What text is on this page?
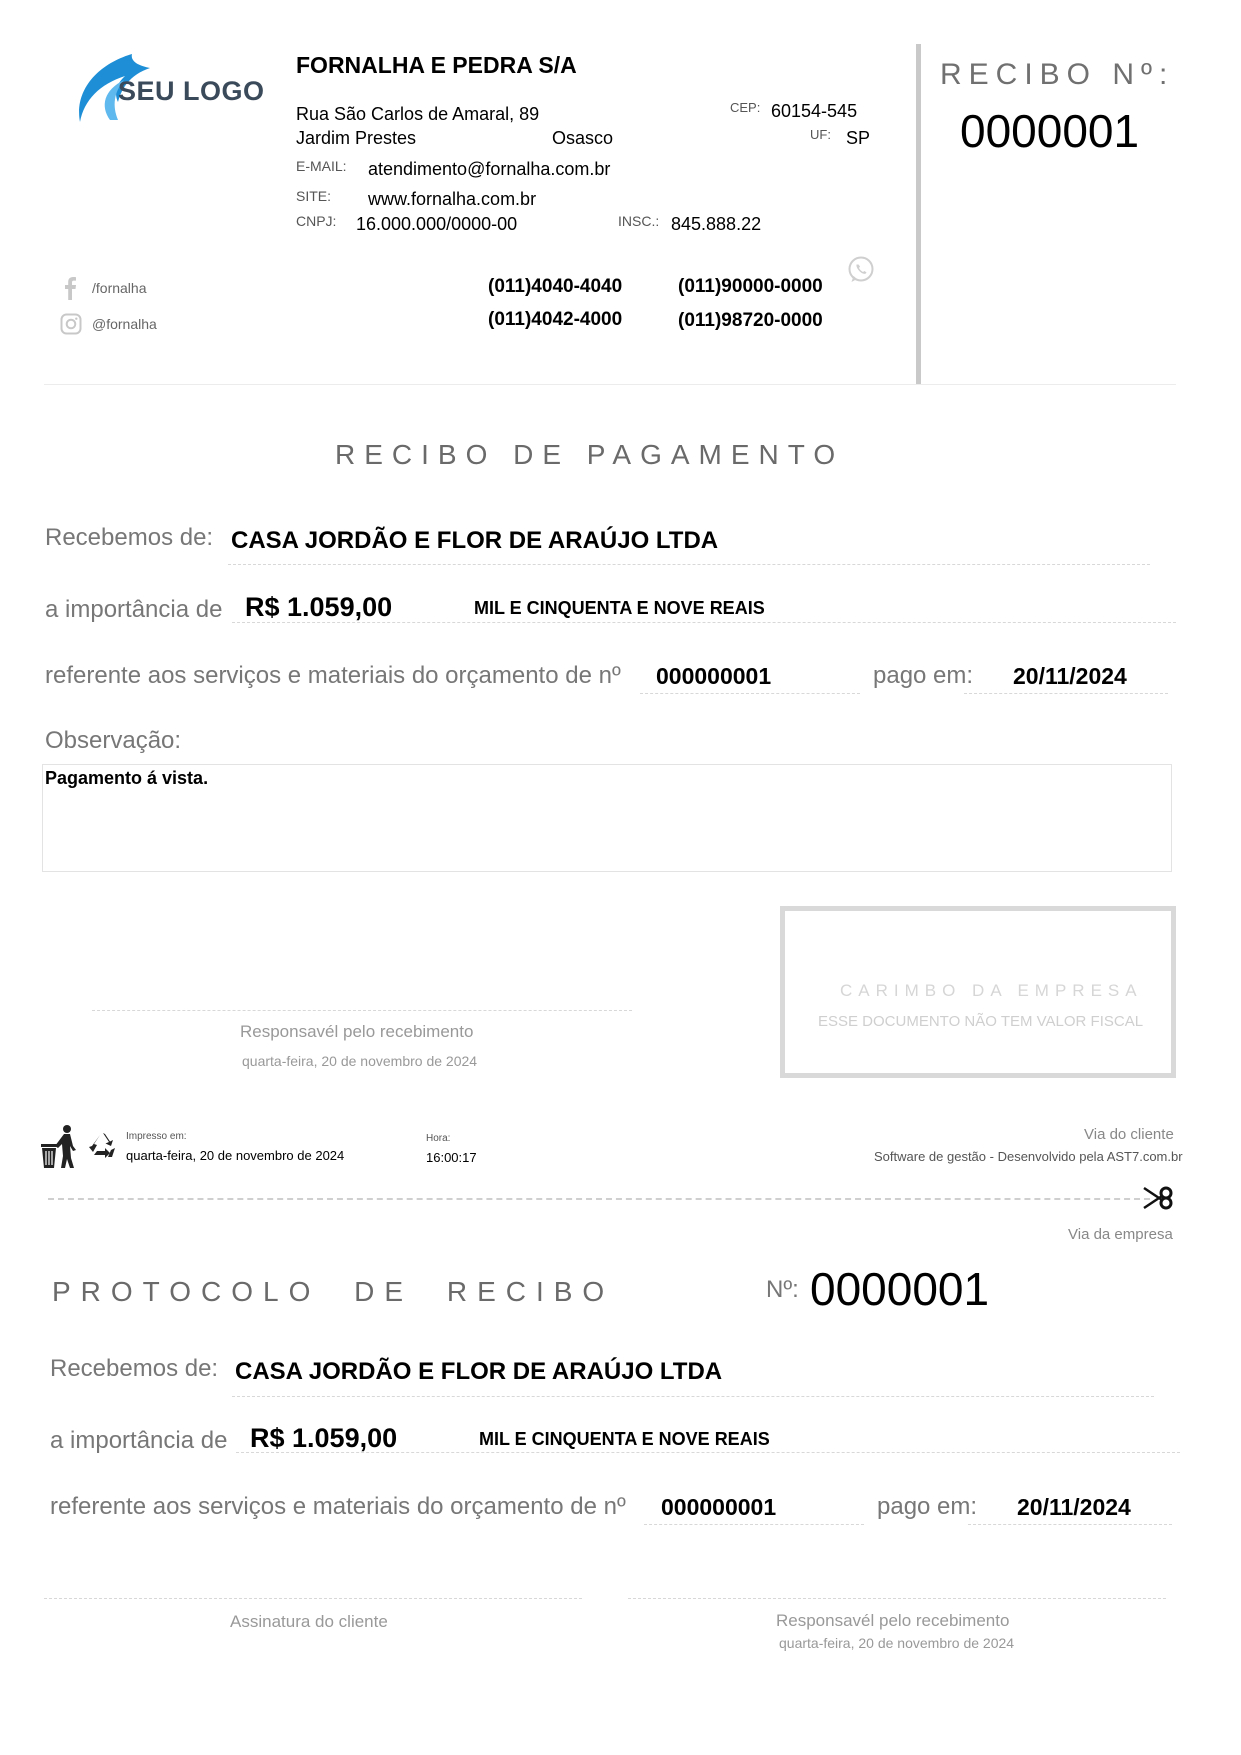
SEU LOGO
FORNALHA E PEDRA S/A
Rua São Carlos de Amaral, 89
Jardim Prestes	Osasco
CEP: 60154-545
UF: SP
E-MAIL: atendimento@fornalha.com.br
SITE: www.fornalha.com.br
CNPJ: 16.000.000/0000-00	INSC.: 845.888.22
/fornalha
@fornalha
(011)4040-4040
(011)4042-4000
(011)90000-0000
(011)98720-0000
RECIBO Nº:
0000001
RECIBO DE PAGAMENTO
Recebemos de: CASA JORDÃO E FLOR DE ARAÚJO LTDA
a importância de R$ 1.059,00	MIL E CINQUENTA E NOVE REAIS
referente aos serviços e materiais do orçamento de nº 000000001	pago em: 20/11/2024
Observação:
Pagamento á vista.
Responsavél pelo recebimento
quarta-feira, 20 de novembro de 2024
CARIMBO DA EMPRESA
ESSE DOCUMENTO NÃO TEM VALOR FISCAL
Impresso em:
quarta-feira, 20 de novembro de 2024
Hora:
16:00:17
Via do cliente
Software de gestão - Desenvolvido pela AST7.com.br
Via da empresa
PROTOCOLO DE RECIBO	Nº: 0000001
Recebemos de: CASA JORDÃO E FLOR DE ARAÚJO LTDA
a importância de R$ 1.059,00	MIL E CINQUENTA E NOVE REAIS
referente aos serviços e materiais do orçamento de nº 000000001	pago em: 20/11/2024
Assinatura do cliente	Responsavél pelo recebimento
quarta-feira, 20 de novembro de 2024
